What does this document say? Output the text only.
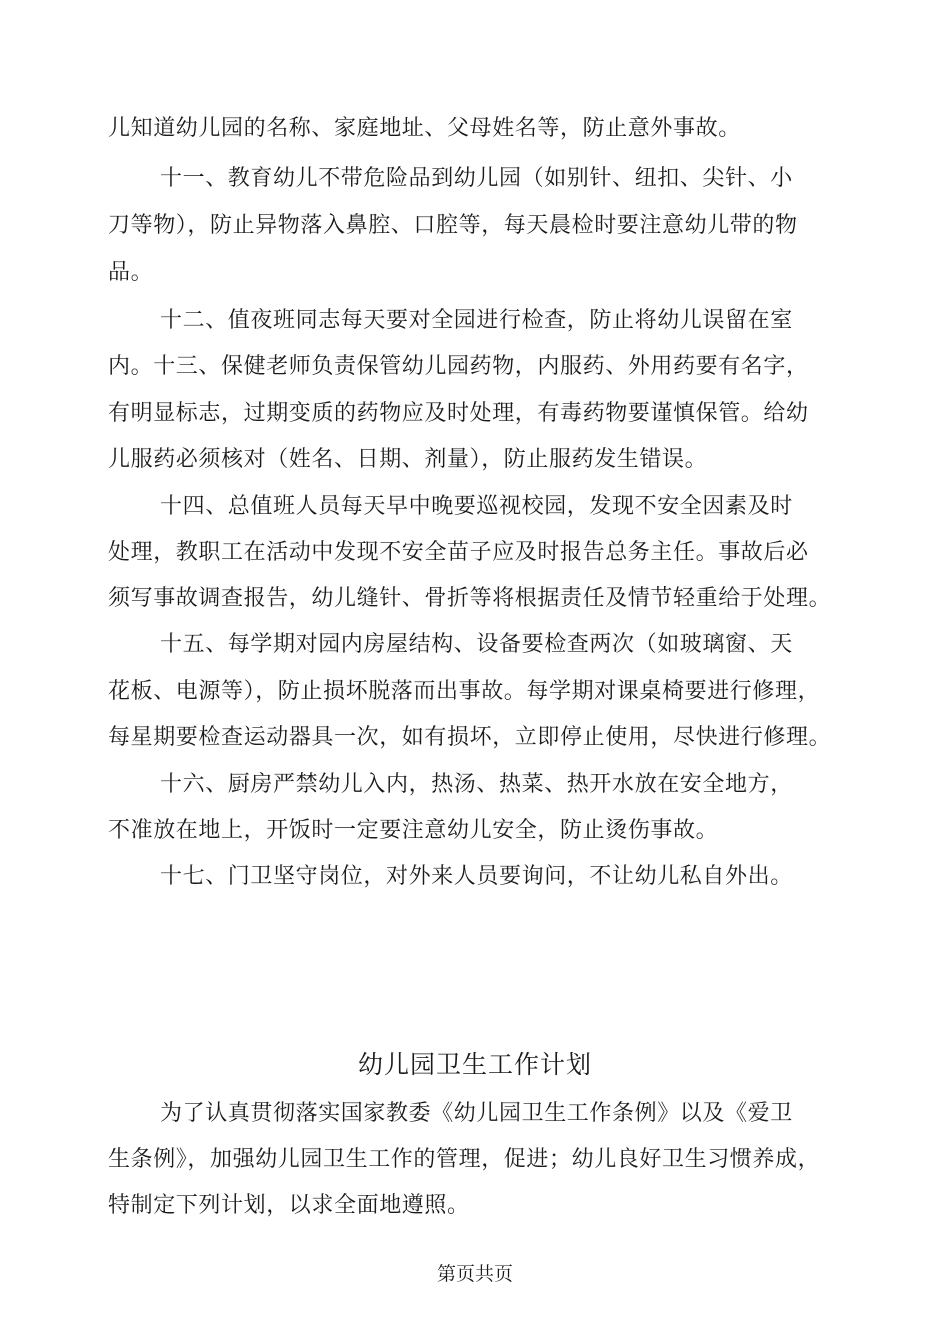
儿知道幼儿园的名称、家庭地址、父母姓名等，防止意外事故。
十一、教育幼儿不带危险品到幼儿园（如别针、纽扣、尖针、小
刀等物），防止异物落入鼻腔、口腔等，每天晨检时要注意幼儿带的物
品。
十二、值夜班同志每天要对全园进行检查，防止将幼儿误留在室
内。十三、保健老师负责保管幼儿园药物，内服药、外用药要有名字，
有明显标志，过期变质的药物应及时处理，有毒药物要谨慎保管。给幼
儿服药必须核对（姓名、日期、剂量），防止服药发生错误。
十四、总值班人员每天早中晚要巡视校园，发现不安全因素及时
处理，教职工在活动中发现不安全苗子应及时报告总务主任。事故后必
须写事故调查报告，幼儿缝针、骨折等将根据责任及情节轻重给于处理。
十五、每学期对园内房屋结构、设备要检查两次（如玻璃窗、天
花板、电源等），防止损坏脱落而出事故。每学期对课桌椅要进行修理，
每星期要检查运动器具一次，如有损坏，立即停止使用，尽快进行修理。
十六、厨房严禁幼儿入内，热汤、热菜、热开水放在安全地方，
不准放在地上，开饭时一定要注意幼儿安全，防止烫伤事故。
十七、门卫坚守岗位，对外来人员要询问，不让幼儿私自外出。
幼儿园卫生工作计划
为了认真贯彻落实国家教委《幼儿园卫生工作条例》以及《爱卫
生条例》，加强幼儿园卫生工作的管理，促进；幼儿良好卫生习惯养成，
特制定下列计划，以求全面地遵照。
第页共页
